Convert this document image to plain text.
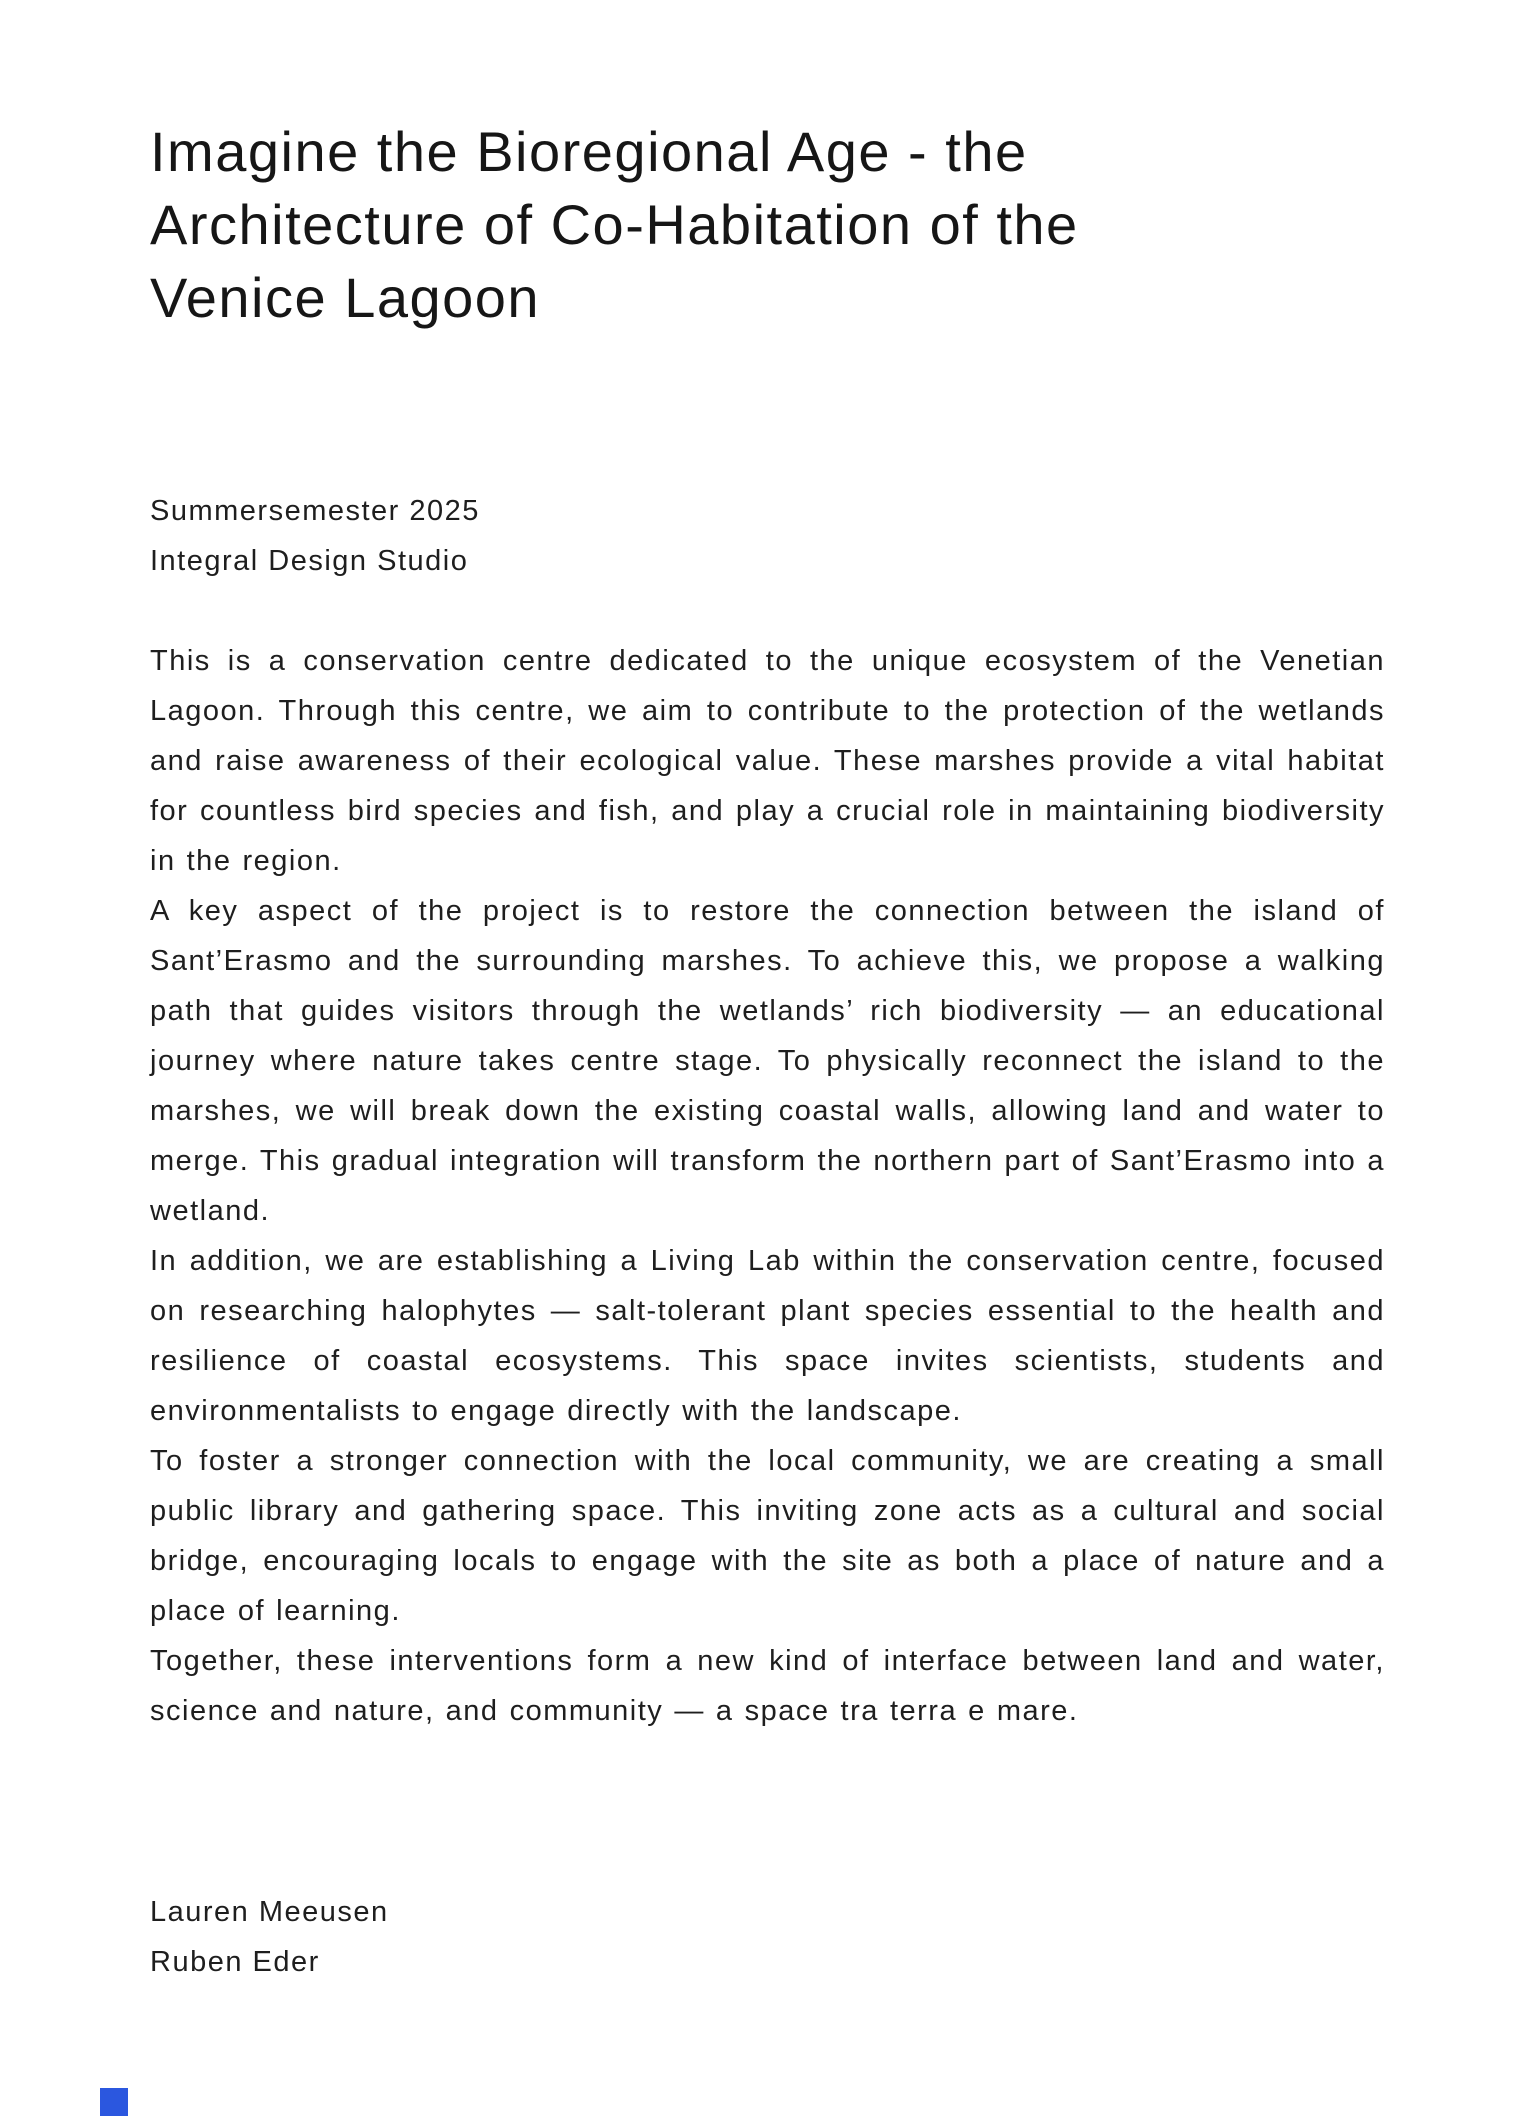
Imagine the Bioregional Age - the
Architecture of Co-Habitation of the
Venice Lagoon
Summersemester 2025
Integral Design Studio

This is a conservation centre dedicated to the unique ecosystem of the Venetian Lagoon. Through this centre, we aim to contribute to the protection of the wetlands and raise awareness of their ecological value. These marshes provide a vital habitat for countless bird species and fish, and play a crucial role in maintaining biodiversity in the region.

A key aspect of the project is to restore the connection between the island of Sant’Erasmo and the surrounding marshes. To achieve this, we propose a walking path that guides visitors through the wetlands’ rich biodiversity — an educational journey where nature takes centre stage. To physically reconnect the island to the marshes, we will break down the existing coastal walls, allowing land and water to merge. This gradual integration will transform the northern part of Sant’Erasmo into a wetland.

In addition, we are establishing a Living Lab within the conservation centre, focused on researching halophytes — salt-tolerant plant species essential to the health and resilience of coastal ecosystems. This space invites scientists, students and environmentalists to engage directly with the landscape.

To foster a stronger connection with the local community, we are creating a small public library and gathering space. This inviting zone acts as a cultural and social bridge, encouraging locals to engage with the site as both a place of nature and a place of learning.

Together, these interventions form a new kind of interface between land and water, science and nature, and community — a space tra terra e mare.

Lauren Meeusen
Ruben Eder
